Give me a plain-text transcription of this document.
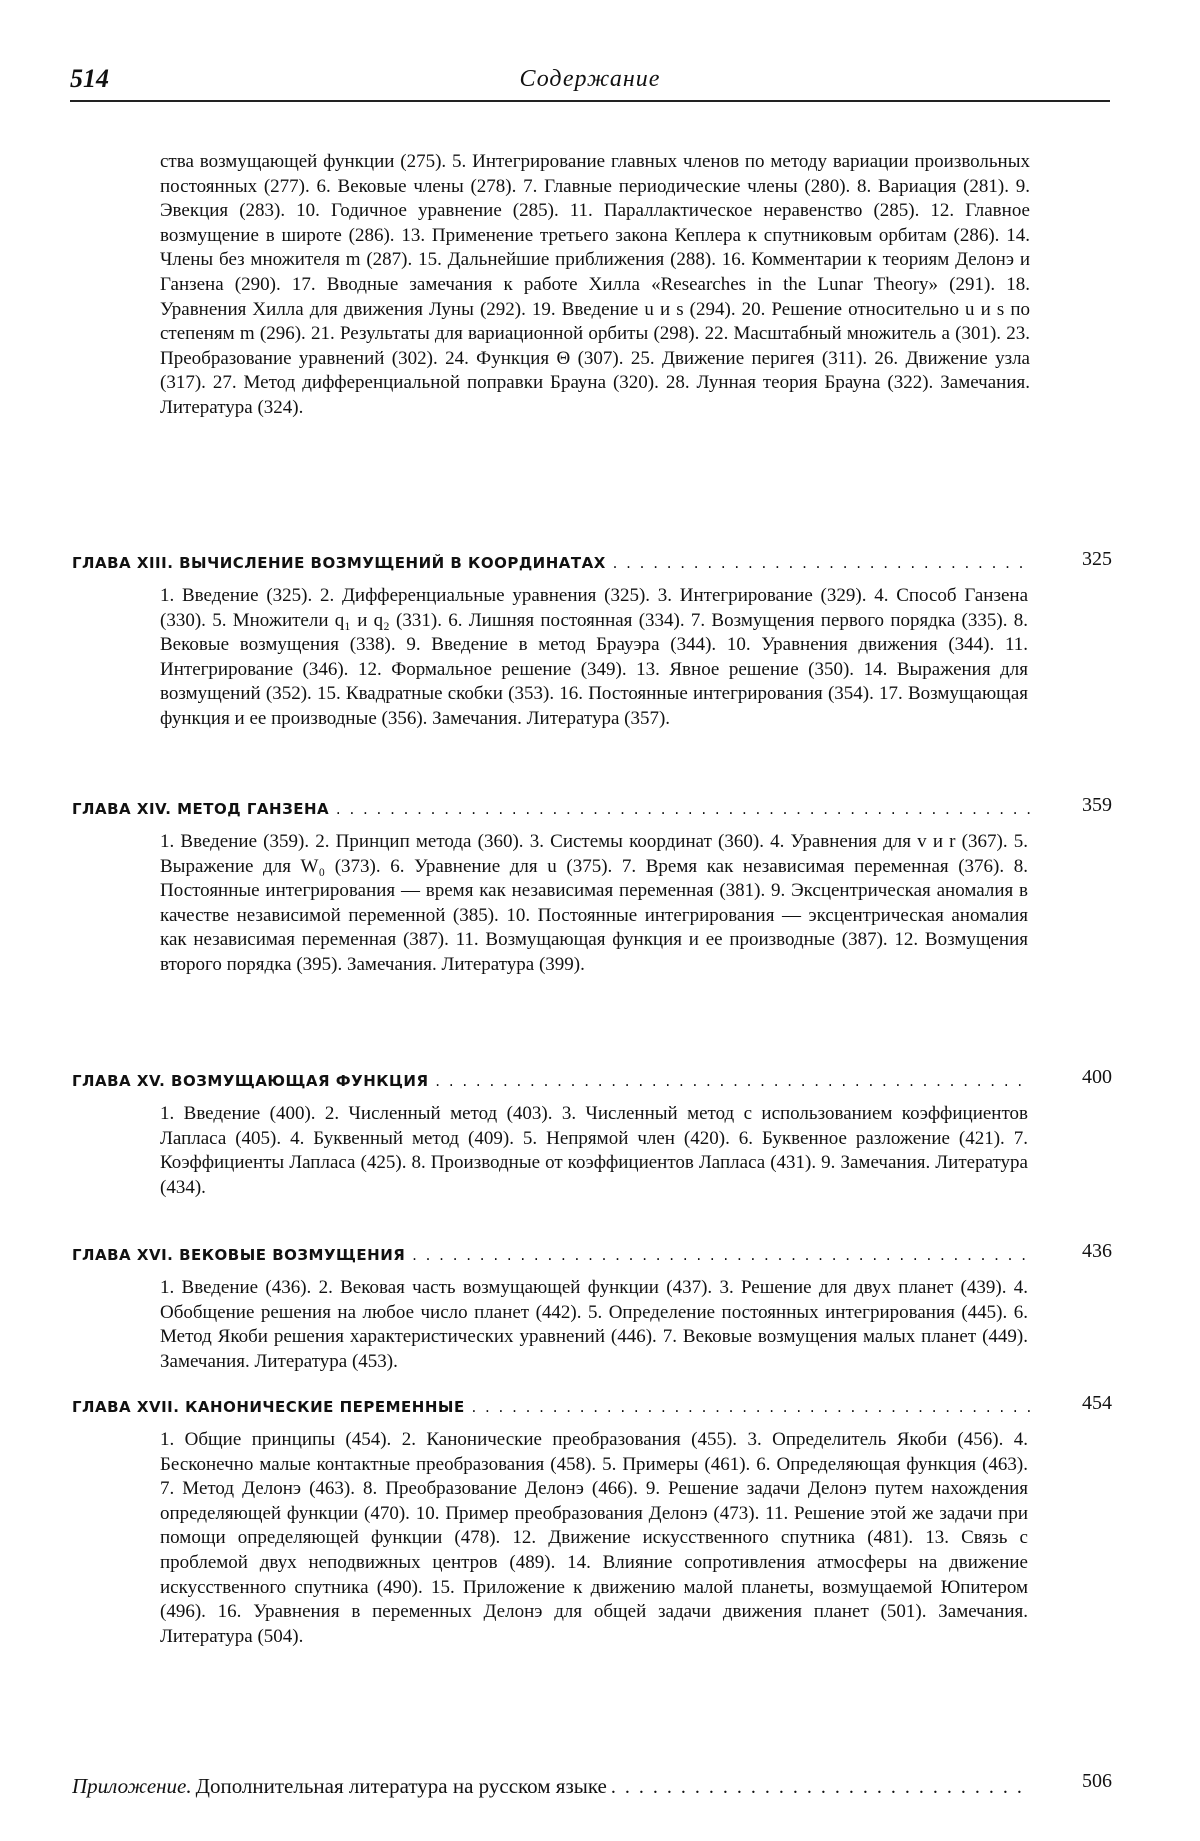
514	Содержание
ства возмущающей функции (275). 5. Интегрирование главных членов по методу вариации произвольных постоянных (277). 6. Вековые члены (278). 7. Главные периодические члены (280). 8. Вариация (281). 9. Эвекция (283). 10. Годичное уравнение (285). 11. Параллактическое неравенство (285). 12. Главное возмущение в широте (286). 13. Применение третьего закона Кеплера к спутниковым орбитам (286). 14. Члены без множителя m (287). 15. Дальнейшие приближения (288). 16. Комментарии к теориям Делонэ и Ганзена (290). 17. Вводные замечания к работе Хилла «Researches in the Lunar Theory» (291). 18. Уравнения Хилла для движения Луны (292). 19. Введение u и s (294). 20. Решение относительно u и s по степеням m (296). 21. Результаты для вариационной орбиты (298). 22. Масштабный множитель a (301). 23. Преобразование уравнений (302). 24. Функция Θ (307). 25. Движение перигея (311). 26. Движение узла (317). 27. Метод дифференциальной поправки Брауна (320). 28. Лунная теория Брауна (322). Замечания. Литература (324).
ГЛАВА XIII. ВЫЧИСЛЕНИЕ ВОЗМУЩЕНИЙ В КООРДИНАТАХ . . .	325
1. Введение (325). 2. Дифференциальные уравнения (325). 3. Интегрирование (329). 4. Способ Ганзена (330). 5. Множители q₁ и q₂ (331). 6. Лишняя постоянная (334). 7. Возмущения первого порядка (335). 8. Вековые возмущения (338). 9. Введение в метод Брауэра (344). 10. Уравнения движения (344). 11. Интегрирование (346). 12. Формальное решение (349). 13. Явное решение (350). 14. Выражения для возмущений (352). 15. Квадратные скобки (353). 16. Постоянные интегрирования (354). 17. Возмущающая функция и ее производные (356). Замечания. Литература (357).
ГЛАВА XIV. МЕТОД ГАНЗЕНА . . .	359
1. Введение (359). 2. Принцип метода (360). 3. Системы координат (360). 4. Уравнения для v и r (367). 5. Выражение для W₀ (373). 6. Уравнение для u (375). 7. Время как независимая переменная (376). 8. Постоянные интегрирования — время как независимая переменная (381). 9. Эксцентрическая аномалия в качестве независимой переменной (385). 10. Постоянные интегрирования — эксцентрическая аномалия как независимая переменная (387). 11. Возмущающая функция и ее производные (387). 12. Возмущения второго порядка (395). Замечания. Литература (399).
ГЛАВА XV. ВОЗМУЩАЮЩАЯ ФУНКЦИЯ . . .	400
1. Введение (400). 2. Численный метод (403). 3. Численный метод с использованием коэффициентов Лапласа (405). 4. Буквенный метод (409). 5. Непрямой член (420). 6. Буквенное разложение (421). 7. Коэффициенты Лапласа (425). 8. Производные от коэффициентов Лапласа (431). 9. Замечания. Литература (434).
ГЛАВА XVI. ВЕКОВЫЕ ВОЗМУЩЕНИЯ . . .	436
1. Введение (436). 2. Вековая часть возмущающей функции (437). 3. Решение для двух планет (439). 4. Обобщение решения на любое число планет (442). 5. Определение постоянных интегрирования (445). 6. Метод Якоби решения характеристических уравнений (446). 7. Вековые возмущения малых планет (449). Замечания. Литература (453).
ГЛАВА XVII. КАНОНИЧЕСКИЕ ПЕРЕМЕННЫЕ . . .	454
1. Общие принципы (454). 2. Канонические преобразования (455). 3. Определитель Якоби (456). 4. Бесконечно малые контактные преобразования (458). 5. Примеры (461). 6. Определяющая функция (463). 7. Метод Делонэ (463). 8. Преобразование Делонэ (466). 9. Решение задачи Делонэ путем нахождения определяющей функции (470). 10. Пример преобразования Делонэ (473). 11. Решение этой же задачи при помощи определяющей функции (478). 12. Движение искусственного спутника (481). 13. Связь с проблемой двух неподвижных центров (489). 14. Влияние сопротивления атмосферы на движение искусственного спутника (490). 15. Приложение к движению малой планеты, возмущаемой Юпитером (496). 16. Уравнения в переменных Делонэ для общей задачи движения планет (501). Замечания. Литература (504).
Приложение. Дополнительная литература на русском языке . . .	506
